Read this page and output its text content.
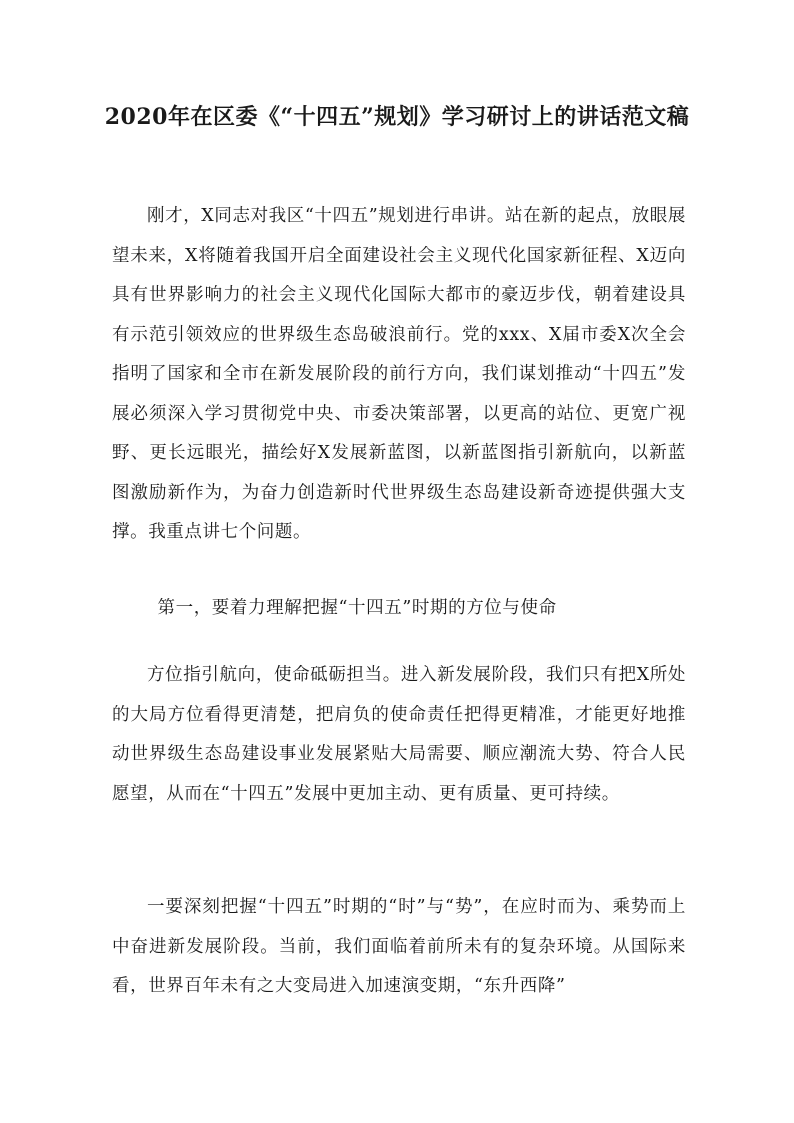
2020年在区委《“十四五”规划》学习研讨上的讲话范文稿

刚才，X同志对我区“十四五”规划进行串讲。站在新的起点，放眼展望未来，X将随着我国开启全面建设社会主义现代化国家新征程、X迈向具有世界影响力的社会主义现代化国际大都市的豪迈步伐，朝着建设具有示范引领效应的世界级生态岛破浪前行。党的xxx、X届市委X次全会指明了国家和全市在新发展阶段的前行方向，我们谋划推动“十四五”发展必须深入学习贯彻党中央、市委决策部署，以更高的站位、更宽广视野、更长远眼光，描绘好X发展新蓝图，以新蓝图指引新航向，以新蓝图激励新作为，为奋力创造新时代世界级生态岛建设新奇迹提供强大支撑。我重点讲七个问题。

第一，要着力理解把握“十四五”时期的方位与使命

方位指引航向，使命砥砺担当。进入新发展阶段，我们只有把X所处的大局方位看得更清楚，把肩负的使命责任把得更精准，才能更好地推动世界级生态岛建设事业发展紧贴大局需要、顺应潮流大势、符合人民愿望，从而在“十四五”发展中更加主动、更有质量、更可持续。

一要深刻把握“十四五”时期的“时”与“势”，在应时而为、乘势而上中奋进新发展阶段。当前，我们面临着前所未有的复杂环境。从国际来看，世界百年未有之大变局进入加速演变期，“东升西降”
